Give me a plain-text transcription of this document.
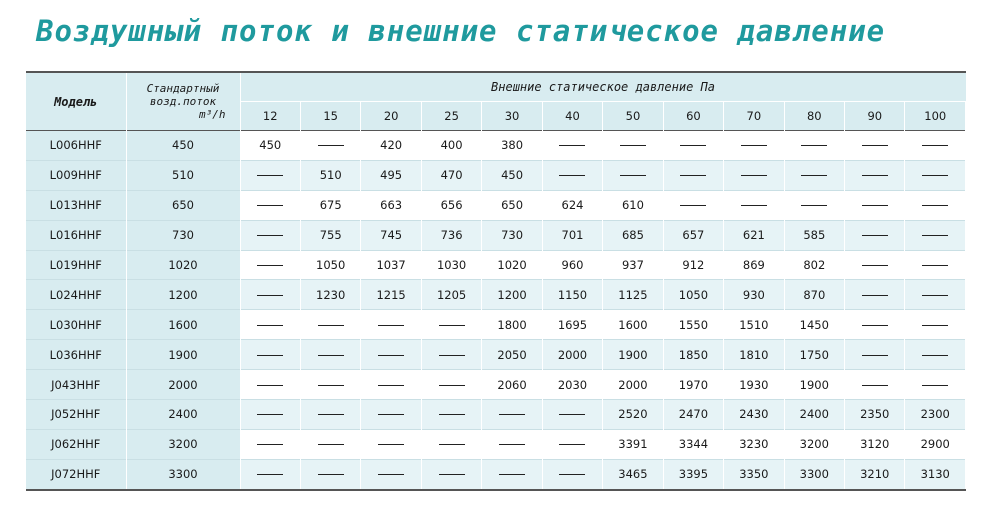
Воздушный поток и внешние статическое давление
Модель	Стандартный
возд.поток
m³/h	Внешние статическое давление Па											
		12	15	20	25	30	40	50	60	70	80	90	100
L006HHF	450	450		420	400	380							
L009HHF	510		510	495	470	450							
L013HHF	650		675	663	656	650	624	610					
L016HHF	730		755	745	736	730	701	685	657	621	585		
L019HHF	1020		1050	1037	1030	1020	960	937	912	869	802		
L024HHF	1200		1230	1215	1205	1200	1150	1125	1050	930	870		
L030HHF	1600					1800	1695	1600	1550	1510	1450		
L036HHF	1900					2050	2000	1900	1850	1810	1750		
J043HHF	2000					2060	2030	2000	1970	1930	1900		
J052HHF	2400							2520	2470	2430	2400	2350	2300
J062HHF	3200							3391	3344	3230	3200	3120	2900
J072HHF	3300							3465	3395	3350	3300	3210	3130
